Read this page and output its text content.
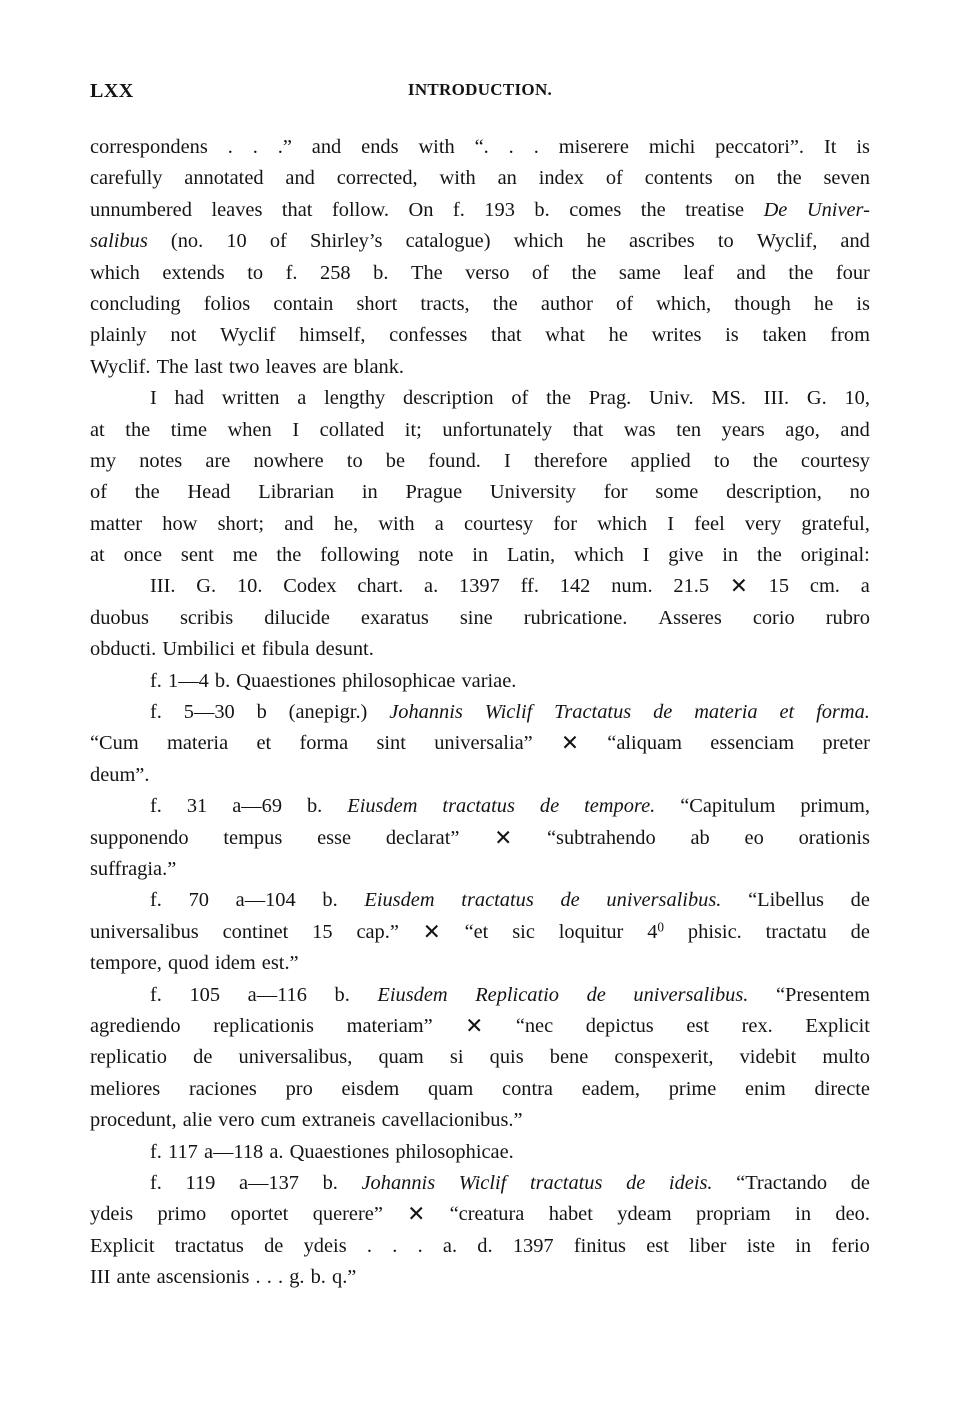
LXX	INTRODUCTION.
correspondens . . .” and ends with “. . . miserere michi peccatori”. It is
carefully annotated and corrected, with an index of contents on the seven
unnumbered leaves that follow. On f. 193 b. comes the treatise De Univer-
salibus (no. 10 of Shirley’s catalogue) which he ascribes to Wyclif, and
which extends to f. 258 b. The verso of the same leaf and the four
concluding folios contain short tracts, the author of which, though he is
plainly not Wyclif himself, confesses that what he writes is taken from
Wyclif. The last two leaves are blank.
I had written a lengthy description of the Prag. Univ. MS. III. G. 10,
at the time when I collated it; unfortunately that was ten years ago, and
my notes are nowhere to be found. I therefore applied to the courtesy
of the Head Librarian in Prague University for some description, no
matter how short; and he, with a courtesy for which I feel very grateful,
at once sent me the following note in Latin, which I give in the original:
III. G. 10. Codex chart. a. 1397 ff. 142 num. 21.5 ✕ 15 cm. a
duobus scribis dilucide exaratus sine rubricatione. Asseres corio rubro
obducti. Umbilici et fibula desunt.
f. 1—4 b. Quaestiones philosophicae variae.
f. 5—30 b (anepigr.) Johannis Wiclif Tractatus de materia et forma.
“Cum materia et forma sint universalia” ✕ “aliquam essenciam preter
deum”.
f. 31 a—69 b. Eiusdem tractatus de tempore. “Capitulum primum,
supponendo tempus esse declarat” ✕ “subtrahendo ab eo orationis
suffragia.”
f. 70 a—104 b. Eiusdem tractatus de universalibus. “Libellus de
universalibus continet 15 cap.” ✕ “et sic loquitur $4^0$ phisic. tractatu de
tempore, quod idem est.”
f. 105 a—116 b. Eiusdem Replicatio de universalibus. “Presentem
agrediendo replicationis materiam” ✕ “nec depictus est rex. Explicit
replicatio de universalibus, quam si quis bene conspexerit, videbit multo
meliores raciones pro eisdem quam contra eadem, prime enim directe
procedunt, alie vero cum extraneis cavellacionibus.”
f. 117 a—118 a. Quaestiones philosophicae.
f. 119 a—137 b. Johannis Wiclif tractatus de ideis. “Tractando de
ydeis primo oportet querere” ✕ “creatura habet ydeam propriam in deo.
Explicit tractatus de ydeis . . . a. d. 1397 finitus est liber iste in ferio
III ante ascensionis . . . g. b. q.”
